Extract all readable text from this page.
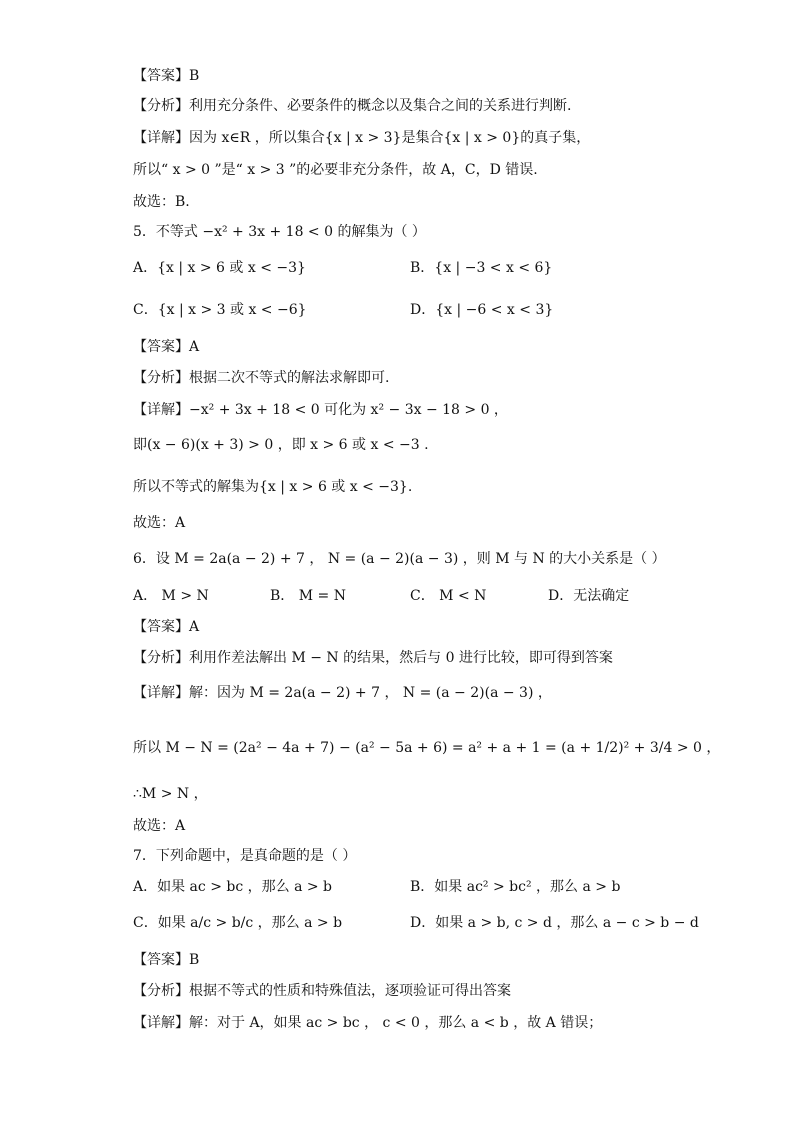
【答案】B
【分析】利用充分条件、必要条件的概念以及集合之间的关系进行判断.
【详解】因为 x∈R ，所以集合{x | x > 3}是集合{x | x > 0}的真子集，
所以“ x > 0 ”是“ x > 3 ”的必要非充分条件，故 A，C，D 错误.
故选：B.
5．不等式 −x² + 3x + 18 < 0 的解集为（ ）
A．{x | x > 6 或 x < −3}	B．{x | −3 < x < 6}
C．{x | x > 3 或 x < −6}	D．{x | −6 < x < 3}
【答案】A
【分析】根据二次不等式的解法求解即可.
【详解】−x² + 3x + 18 < 0 可化为 x² − 3x − 18 > 0 ，
即(x − 6)(x + 3) > 0 ，即 x > 6 或 x < −3 .
所以不等式的解集为{x | x > 6 或 x < −3}.
故选：A
6．设 M = 2a(a − 2) + 7 ， N = (a − 2)(a − 3) ，则 M 与 N 的大小关系是（ ）
A． M > N	B． M = N	C． M < N	D．无法确定
【答案】A
【分析】利用作差法解出 M − N 的结果，然后与 0 进行比较，即可得到答案
【详解】解：因为 M = 2a(a − 2) + 7 ， N = (a − 2)(a − 3) ，
所以 M − N = (2a² − 4a + 7) − (a² − 5a + 6) = a² + a + 1 = (a + 1/2)² + 3/4 > 0 ，
∴M > N ，
故选：A
7．下列命题中，是真命题的是（ ）
A．如果 ac > bc ，那么 a > b	B．如果 ac² > bc² ，那么 a > b
C．如果 a/c > b/c ，那么 a > b	D．如果 a > b, c > d ，那么 a − c > b − d
【答案】B
【分析】根据不等式的性质和特殊值法，逐项验证可得出答案
【详解】解：对于 A，如果 ac > bc ， c < 0 ，那么 a < b ，故 A 错误；
